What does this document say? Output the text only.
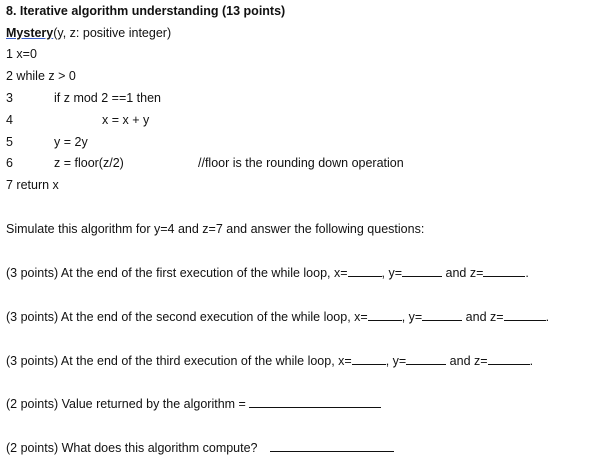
8. Iterative algorithm understanding (13 points)
Mystery(y, z: positive integer)
1 x=0
2 while z > 0
3	if z mod 2 ==1 then
4	x = x + y
5	y = 2y
6	z = floor(z/2)	//floor is the rounding down operation
7 return x
Simulate this algorithm for y=4 and z=7 and answer the following questions:
(3 points) At the end of the first execution of the while loop, x=	, y=	and z=	.
(3 points) At the end of the second execution of the while loop, x=	, y=	and z=	.
(3 points) At the end of the third execution of the while loop, x=	, y=	and z=	.
(2 points) Value returned by the algorithm =
(2 points) What does this algorithm compute?
